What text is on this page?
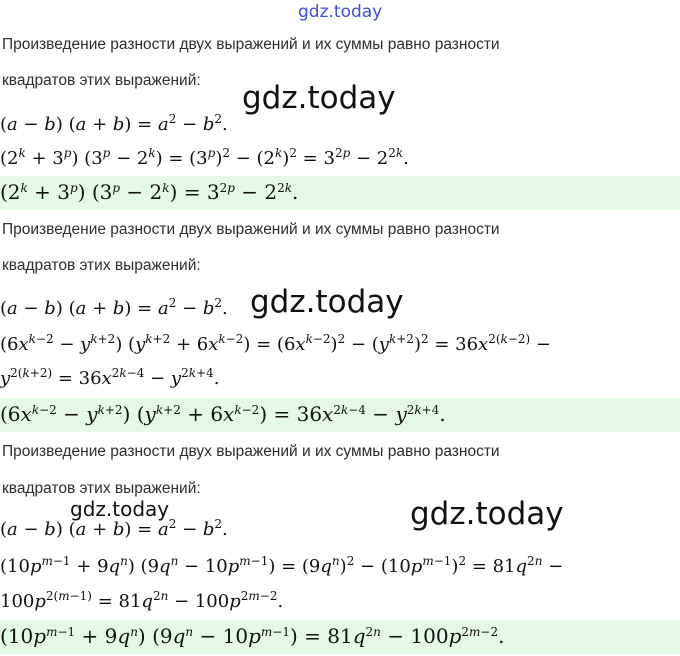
gdz.today
gdz.today
gdz.today
gdz.today	gdz.today
Произведение разности двух выражений и их суммы равно разности
квадратов этих выражений:
(a − b) $(a + b) = a^2 - b^2$.
$(2^k + 3^p) (3^p - 2^k) = (3^p)^2 - (2^k)^2 = 3^{2p} - 2^{2k}$.
$(2^k + 3^p) (3^p - 2^k) = 3^{2p} - 2^{2k}$.
Произведение разности двух выражений и их суммы равно разности
квадратов этих выражений:
(a − b) $(a + b) = a^2 - b^2$.
$(6x^{k-2} - y^{k+2}) (y^{k+2} + 6x^{k-2}) = (6x^{k-2})^2 - (y^{k+2})^2 = 36x^{2(k-2)}$ −
$y^{2(k+2)} = 36x^{2k-4} - y^{2k+4}$.
$(6x^{k-2} - y^{k+2}) (y^{k+2} + 6x^{k-2}) = 36x^{2k-4} - y^{2k+4}$.
Произведение разности двух выражений и их суммы равно разности
квадратов этих выражений:
(a − b) $(a + b) = a^2 - b^2$.
$(10p^{m-1} + 9q^n) (9q^n - 10p^{m-1}) = (9q^n)^2 - (10p^{m-1})^2 = 81q^{2n}$ −
$100p^{2(m-1)} = 81q^{2n} - 100p^{2m-2}$.
$(10p^{m-1} + 9q^n) (9q^n - 10p^{m-1}) = 81q^{2n} - 100p^{2m-2}$.
